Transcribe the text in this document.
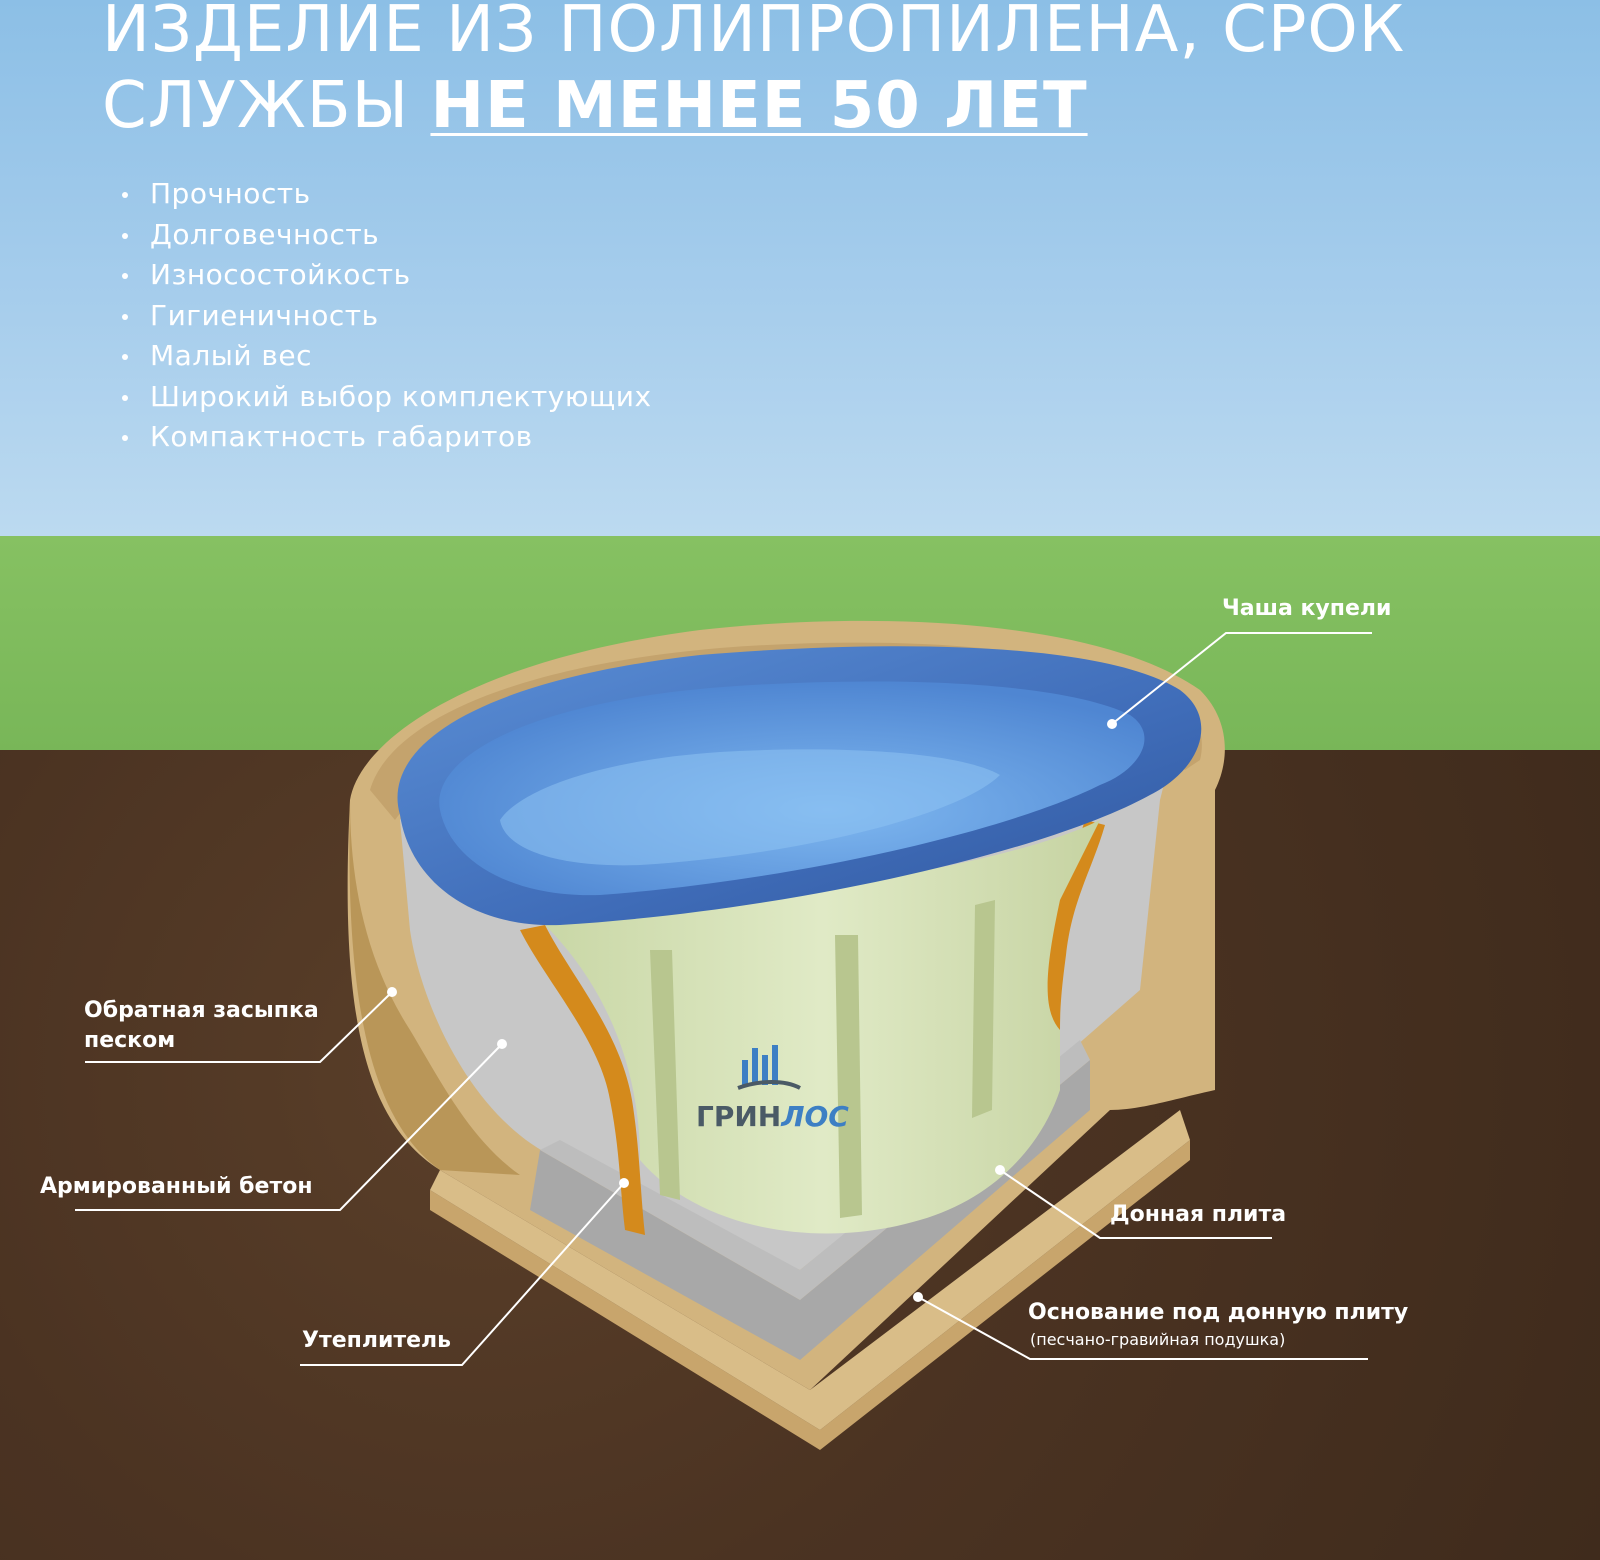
ИЗДЕЛИЕ ИЗ ПОЛИПРОПИЛЕНА, СРОК
СЛУЖБЫ НЕ МЕНЕЕ 50 ЛЕТ
Прочность
Долговечность
Износостойкость
Гигиеничность
Малый вес
Широкий выбор комплектующих
Компактность габаритов
ГРИНЛОС
Чаша купели
Обратная засыпка
песком
Армированный бетон
Утеплитель
Донная плита
Основание под донную плиту
(песчано-гравийная подушка)
